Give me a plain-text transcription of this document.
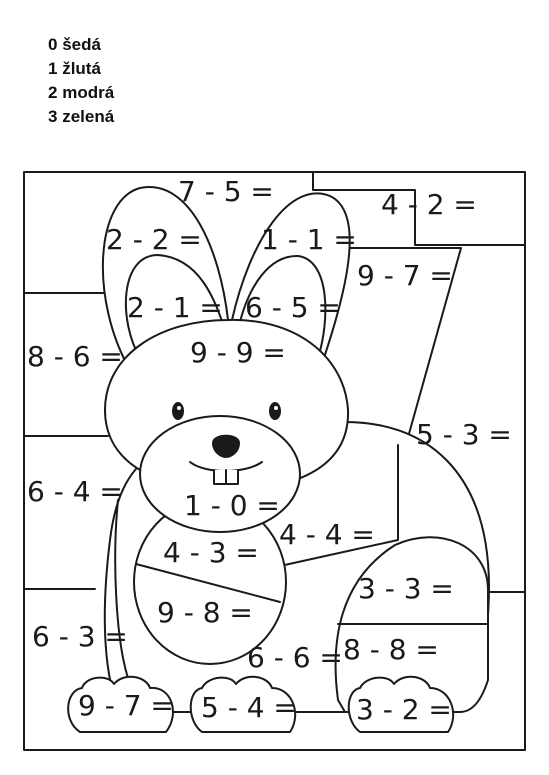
0 šedá
1 žlutá
2 modrá
3 zelená
7 - 5 =	4 - 2 =
2 - 2 = 1 - 1 =
9 - 7 =
2 - 1 = 6 - 5 =
9 - 9 =
8 - 6 =
5 - 3 =
6 - 4 = 1 - 0 =
4 - 4 =
4 - 3 =
3 - 3 =
9 - 8 =
6 - 3 =	8 - 8 =
6 - 6 =
9 - 7 = 5 - 4 = 3 - 2 =
